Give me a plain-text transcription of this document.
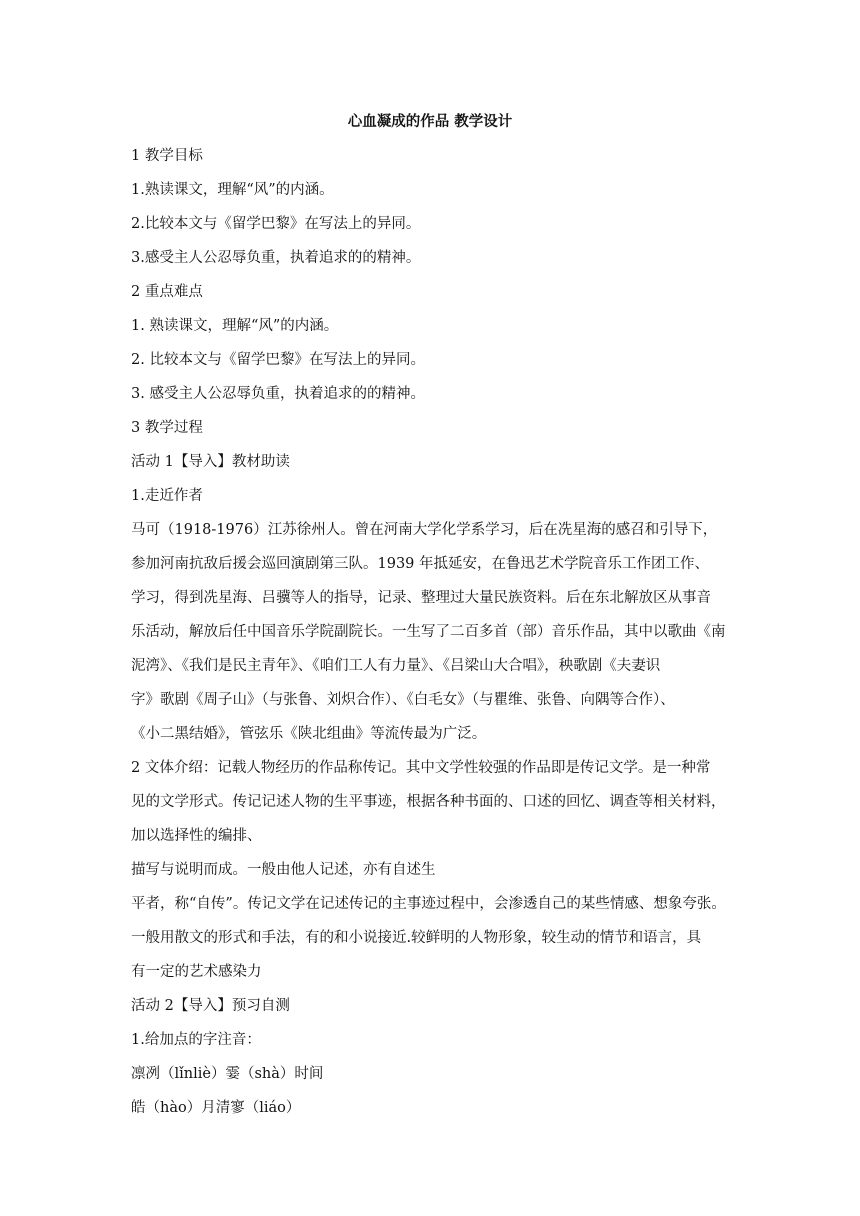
心血凝成的作品 教学设计
1 教学目标
1.熟读课文，理解“风”的内涵。
2.比较本文与《留学巴黎》在写法上的异同。
3.感受主人公忍辱负重，执着追求的的精神。
2 重点难点
1. 熟读课文，理解“风”的内涵。
2. 比较本文与《留学巴黎》在写法上的异同。
3. 感受主人公忍辱负重，执着追求的的精神。
3 教学过程
活动 1【导入】教材助读
1.走近作者
马可（1918-1976）江苏徐州人。曾在河南大学化学系学习，后在冼星海的感召和引导下，
参加河南抗敌后援会巡回演剧第三队。1939 年抵延安，在鲁迅艺术学院音乐工作团工作、
学习，得到冼星海、吕骥等人的指导，记录、整理过大量民族资料。后在东北解放区从事音
乐活动，解放后任中国音乐学院副院长。一生写了二百多首（部）音乐作品，其中以歌曲《南
泥湾》、《我们是民主青年》、《咱们工人有力量》、《吕梁山大合唱》，秧歌剧《夫妻识
字》歌剧《周子山》（与张鲁、刘炽合作）、《白毛女》（与瞿维、张鲁、向隅等合作）、
《小二黑结婚》，管弦乐《陕北组曲》等流传最为广泛。
2 文体介绍：记载人物经历的作品称传记。其中文学性较强的作品即是传记文学。是一种常
见的文学形式。传记记述人物的生平事迹，根据各种书面的、口述的回忆、调查等相关材料，
加以选择性的编排、
描写与说明而成。一般由他人记述，亦有自述生
平者，称“自传”。传记文学在记述传记的主事迹过程中，会渗透自己的某些情感、想象夸张。
一般用散文的形式和手法，有的和小说接近.较鲜明的人物形象，较生动的情节和语言，具
有一定的艺术感染力
活动 2【导入】预习自测
1.给加点的字注音：
凛冽（lǐnliè）霎（shà）时间
皓（hào）月清寥（liáo）
